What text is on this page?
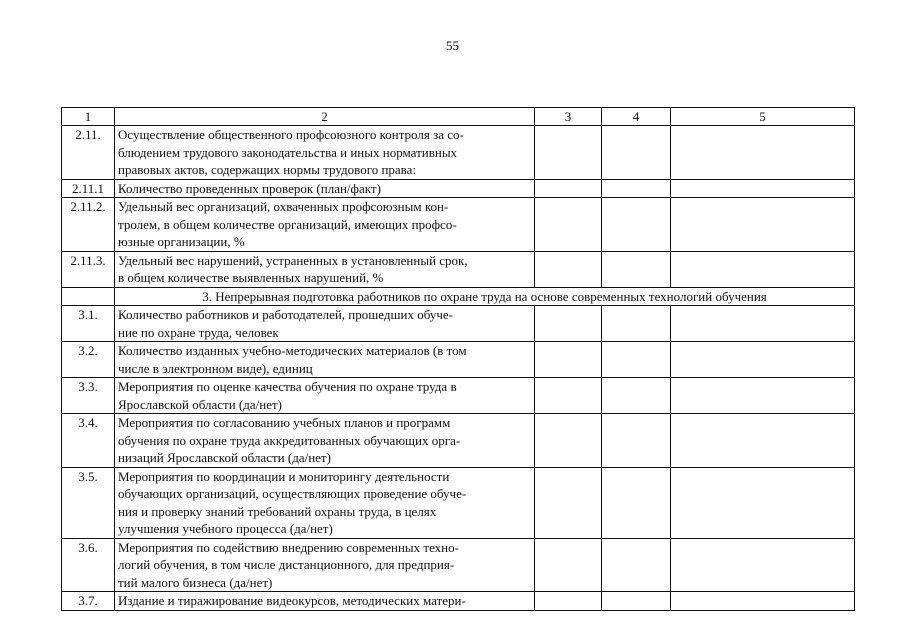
55
1	2	3	4	5
2.11.	Осуществление общественного профсоюзного контроля за со-
блюдением трудового законодательства и иных нормативных
правовых актов, содержащих нормы трудового права:			
2.11.1	Количество проведенных проверок (план/факт)			
2.11.2.	Удельный вес организаций, охваченных профсоюзным кон-
тролем, в общем количестве организаций, имеющих профсо-
юзные организации, %			
2.11.3.	Удельный вес нарушений, устраненных в установленный срок,
в общем количестве выявленных нарушений, %			
	3. Непрерывная подготовка работников по охране труда на основе современных технологий обучения			
3.1.	Количество работников и работодателей, прошедших обуче-
ние по охране труда, человек			
3.2.	Количество изданных учебно-методических материалов (в том
числе в электронном виде), единиц			
3.3.	Мероприятия по оценке качества обучения по охране труда в
Ярославской области (да/нет)			
3.4.	Мероприятия по согласованию учебных планов и программ
обучения по охране труда аккредитованных обучающих орга-
низаций Ярославской области (да/нет)			
3.5.	Мероприятия по координации и мониторингу деятельности
обучающих организаций, осуществляющих проведение обуче-
ния и проверку знаний требований охраны труда, в целях
улучшения учебного процесса (да/нет)			
3.6.	Мероприятия по содействию внедрению современных техно-
логий обучения, в том числе дистанционного, для предприя-
тий малого бизнеса (да/нет)			
3.7.	Издание и тиражирование видеокурсов, методических матери-			
